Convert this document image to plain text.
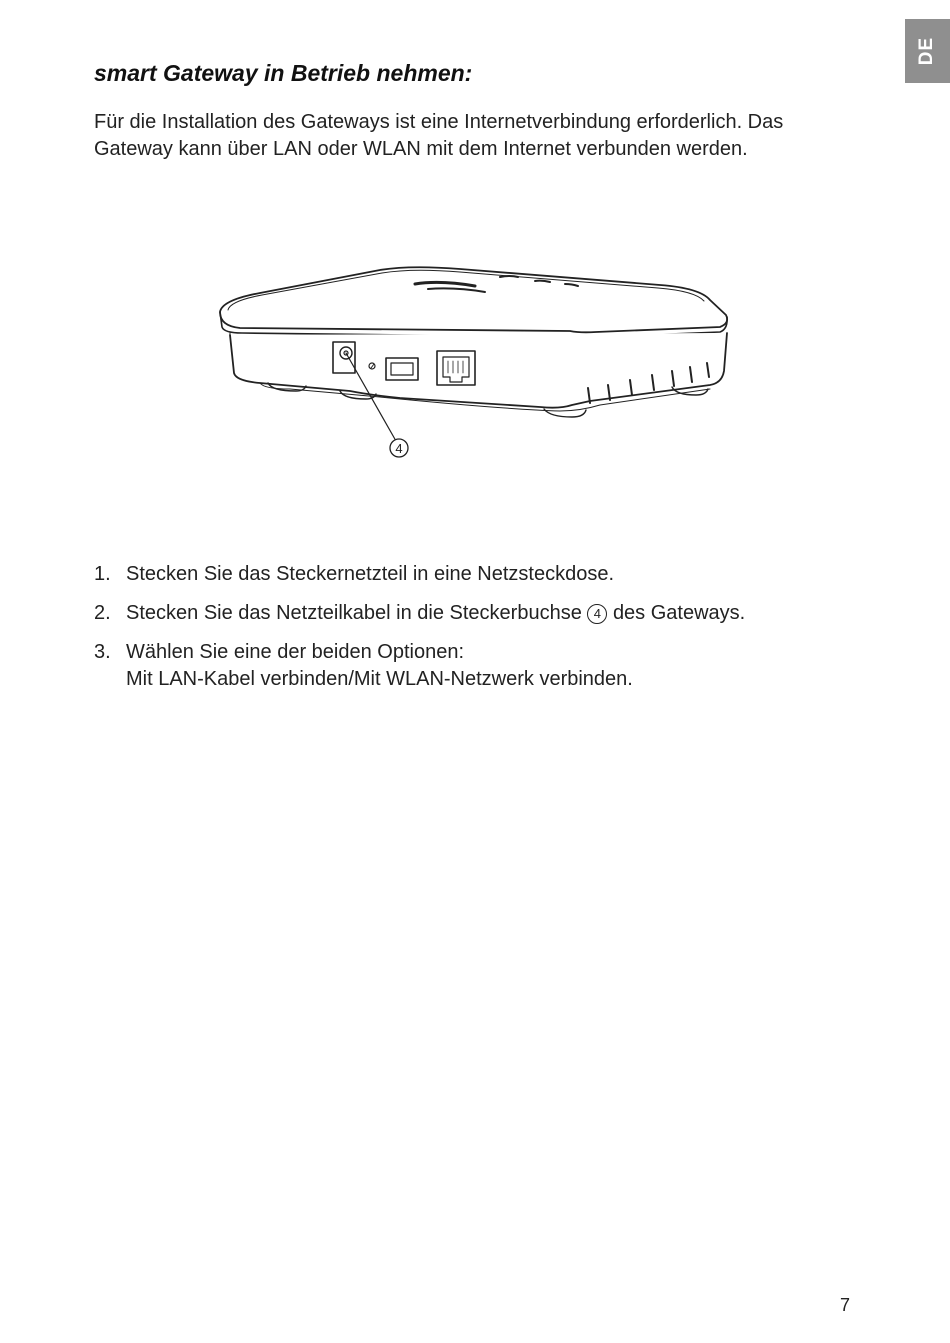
DE
smart Gateway in Betrieb nehmen:

Für die Installation des Gateways ist eine Internetverbindung erforderlich. Das Gateway kann über LAN oder WLAN mit dem Internet verbunden werden.

4
1. Stecken Sie das Steckernetzteil in eine Netzsteckdose.
2. Stecken Sie das Netzteilkabel in die Steckerbuchse 4 des Gateways.
3. Wählen Sie eine der beiden Optionen:
Mit LAN-Kabel verbinden/Mit WLAN-Netzwerk verbinden.
7
